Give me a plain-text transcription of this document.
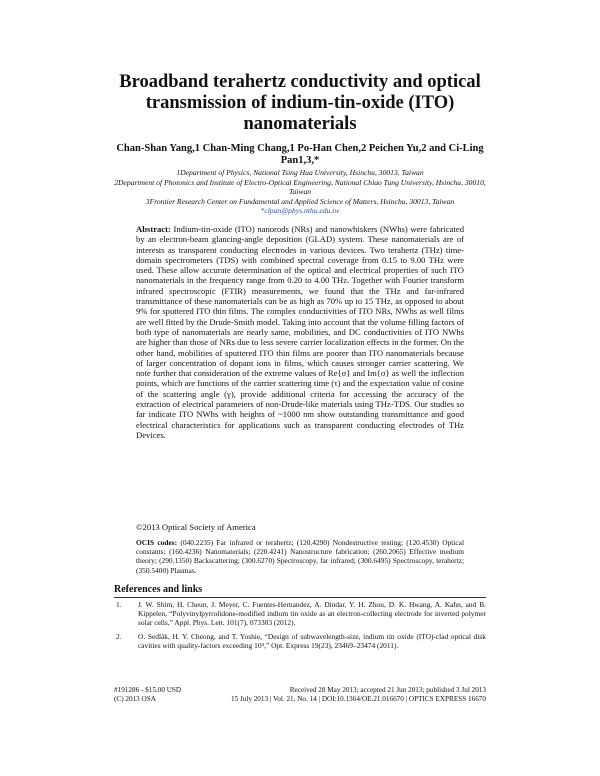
Broadband terahertz conductivity and optical transmission of indium-tin-oxide (ITO) nanomaterials
Chan-Shan Yang,1 Chan-Ming Chang,1 Po-Han Chen,2 Peichen Yu,2 and Ci-Ling Pan1,3,*
1Department of Physics, National Tsing Hua University, Hsinchu, 30013, Taiwan
2Department of Photonics and Institute of Electro-Optical Engineering, National Chiao Tung University, Hsinchu, 30010, Taiwan
3Frontier Research Center on Fundamental and Applied Science of Matters, Hsinchu, 30013, Taiwan
*clpan@phys.nthu.edu.tw
Abstract: Indium-tin-oxide (ITO) nanorods (NRs) and nanowhiskers (NWhs) were fabricated by an electron-beam glancing-angle deposition (GLAD) system. These nanomaterials are of interests as transparent conducting electrodes in various devices. Two terahertz (THz) time-domain spectrometers (TDS) with combined spectral coverage from 0.15 to 9.00 THz were used. These allow accurate determination of the optical and electrical properties of such ITO nanomaterials in the frequency range from 0.20 to 4.00 THz. Together with Fourier transform infrared spectroscopic (FTIR) measurements, we found that the THz and far-infrared transmittance of these nanomaterials can be as high as 70% up to 15 THz, as opposed to about 9% for sputtered ITO thin films. The complex conductivities of ITO NRs, NWhs as well films are well fitted by the Drude-Smith model. Taking into account that the volume filling factors of both type of nanomaterials are nearly same, mobilities, and DC conductivities of ITO NWhs are higher than those of NRs due to less severe carrier localization effects in the former. On the other hand, mobilities of sputtered ITO thin films are poorer than ITO nanomaterials because of larger concentration of dopant ions in films, which causes stronger carrier scattering. We note further that consideration of the extreme values of Re{σ} and Im{σ} as well the inflection points, which are functions of the carrier scattering time (τ) and the expectation value of cosine of the scattering angle (γ), provide additional criteria for accessing the accuracy of the extraction of electrical parameters of non-Drude-like materials using THz-TDS. Our studies so far indicate ITO NWhs with heights of ~1000 nm show outstanding transmittance and good electrical characteristics for applications such as transparent conducting electrodes of THz Devices.
©2013 Optical Society of America
OCIS codes: (040.2235) Far infrared or terahertz; (120.4290) Nondestructive testing; (120.4530) Optical constants; (160.4236) Nanomaterials; (220.4241) Nanostructure fabrication; (260.2065) Effective medium theory; (290.1350) Backscattering; (300.6270) Spectroscopy, far infrared; (300.6495) Spectroscopy, terahertz; (350.5400) Plasmas.
References and links
1.	J. W. Shim, H. Cheun, J. Meyer, C. Fuentes-Hernandez, A. Dindar, Y. H. Zhou, D. K. Hwang, A. Kahn, and B. Kippelen, “Polyvinylpyrrolidone-modified indium tin oxide as an electron-collecting electrode for inverted polymer solar cells,” Appl. Phys. Lett. 101(7), 073303 (2012).
2.	O. Sedlák, H. Y. Cheong, and T. Yoshie, “Design of subwavelength-size, indium tin oxide (ITO)-clad optical disk cavities with quality-factors exceeding 10⁴,” Opt. Express 19(23), 23469–23474 (2011).
#191286 - $15.00 USD	Received 28 May 2013; accepted 21 Jun 2013; published 3 Jul 2013
(C) 2013 OSA	15 July 2013 | Vol. 21, No. 14 | DOI:10.1364/OE.21.016670 | OPTICS EXPRESS 16670
